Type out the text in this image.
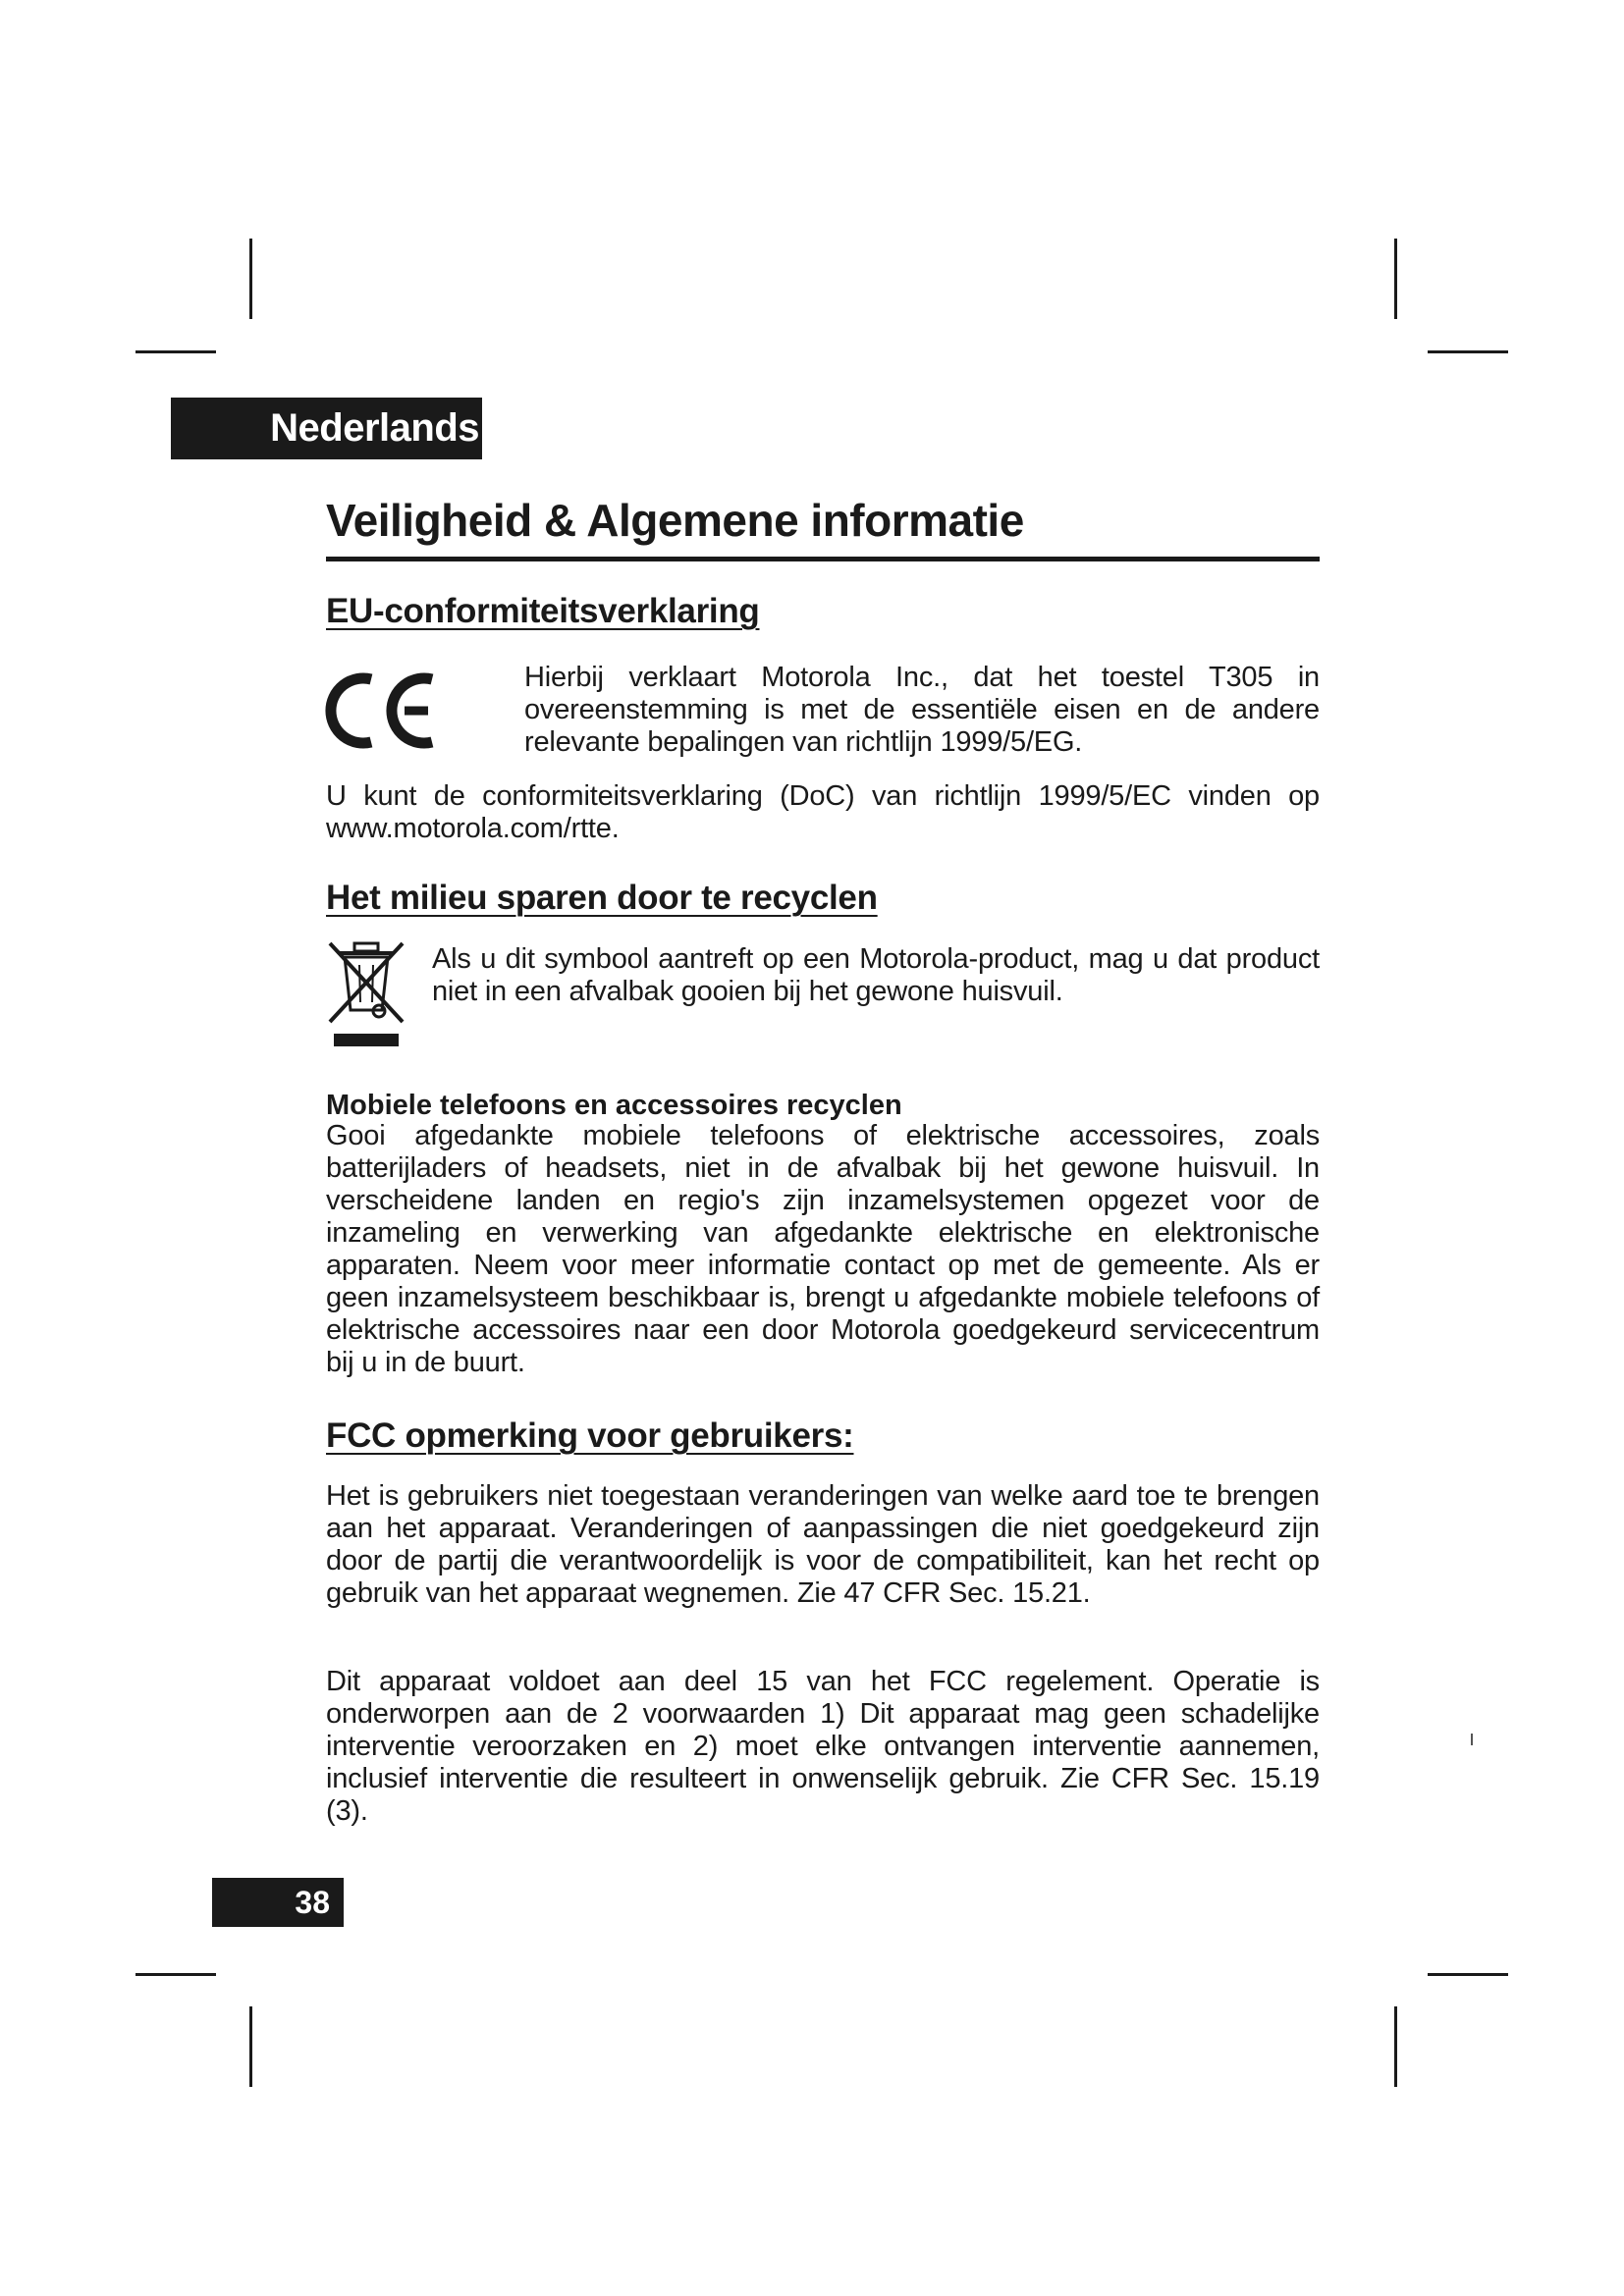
Nederlands
Veiligheid & Algemene informatie
EU-conformiteitsverklaring

Hierbij verklaart Motorola Inc., dat het toestel T305 in overeenstemming is met de essentiële eisen en de andere relevante bepalingen van richtlijn 1999/5/EG.

U kunt de conformiteitsverklaring (DoC) van richtlijn 1999/5/EC vinden op www.motorola.com/rtte.

Het milieu sparen door te recyclen

Als u dit symbool aantreft op een Motorola-product, mag u dat product niet in een afvalbak gooien bij het gewone huisvuil.

Mobiele telefoons en accessoires recyclen

Gooi afgedankte mobiele telefoons of elektrische accessoires, zoals batterijladers of headsets, niet in de afvalbak bij het gewone huisvuil. In verscheidene landen en regio's zijn inzamelsystemen opgezet voor de inzameling en verwerking van afgedankte elektrische en elektronische apparaten. Neem voor meer informatie contact op met de gemeente. Als er geen inzamelsysteem beschikbaar is, brengt u afgedankte mobiele telefoons of elektrische accessoires naar een door Motorola goedgekeurd servicecentrum bij u in de buurt.

FCC opmerking voor gebruikers:

Het is gebruikers niet toegestaan veranderingen van welke aard toe te brengen aan het apparaat. Veranderingen of aanpassingen die niet goedgekeurd zijn door de partij die verantwoordelijk is voor de compatibiliteit, kan het recht op gebruik van het apparaat wegnemen. Zie 47 CFR Sec. 15.21.

Dit apparaat voldoet aan deel 15 van het FCC regelement. Operatie is onderworpen aan de 2 voorwaarden 1) Dit apparaat mag geen schadelijke interventie veroorzaken en 2) moet elke ontvangen interventie aannemen, inclusief interventie die resulteert in onwenselijk gebruik. Zie CFR Sec. 15.19 (3).

38
